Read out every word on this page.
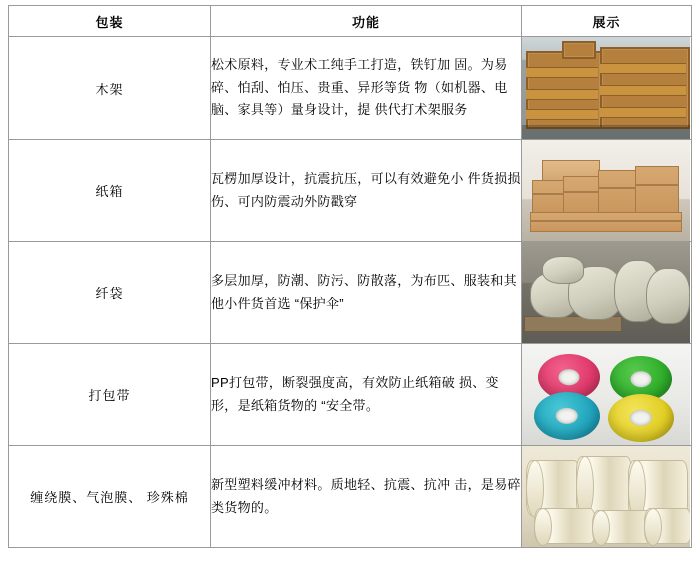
包装	功能	展示
木架	松术原料，专业术工纯手工打造，铁钉加 固。为易碎、怕刮、怕压、贵重、异形等货 物（如机器、电脑、家具等）量身设计，提 供代打术架服务	

纸箱	瓦楞加厚设计，抗震抗压，可以有效避免小 件货损损伤、可内防震动外防戳穿	

纤袋	多层加厚，防潮、防污、防散落，为布匹、服装和其他小件货首选 “保护伞”	

打包带	PP打包带，断裂强度高，有效防止纸箱破 损、变形，是纸箱货物的 “安全带。	

缠绕膜、气泡膜、 珍殊棉	新型塑料缓冲材料。质地轻、抗震、抗冲 击，是易碎类货物的。	
